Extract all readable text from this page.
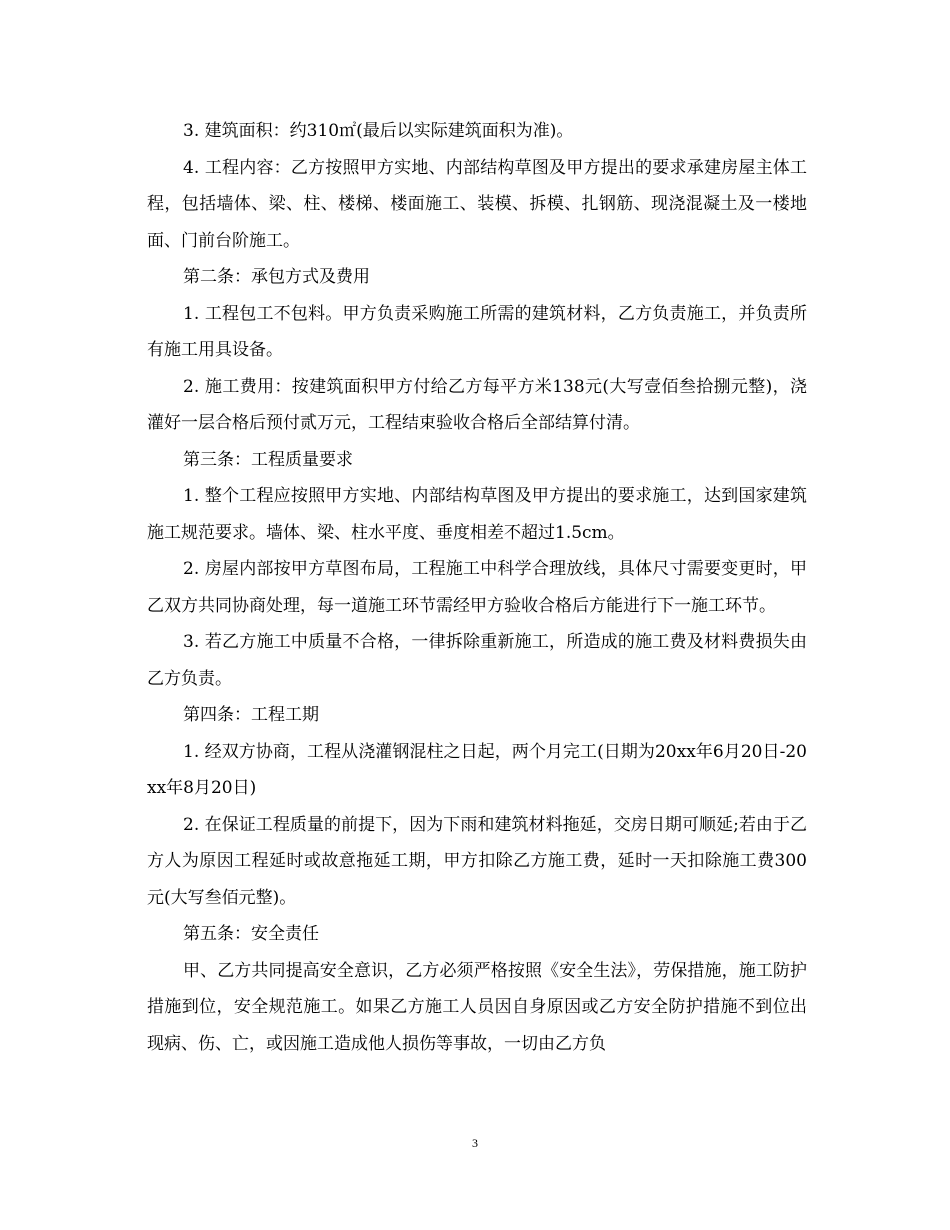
3. 建筑面积：约310㎡(最后以实际建筑面积为准)。

4. 工程内容：乙方按照甲方实地、内部结构草图及甲方提出的要求承建房屋主体工程，包括墙体、梁、柱、楼梯、楼面施工、装模、拆模、扎钢筋、现浇混凝土及一楼地面、门前台阶施工。

第二条：承包方式及费用

1. 工程包工不包料。甲方负责采购施工所需的建筑材料，乙方负责施工，并负责所有施工用具设备。

2. 施工费用：按建筑面积甲方付给乙方每平方米138元(大写壹佰叁拾捌元整)，浇灌好一层合格后预付贰万元，工程结束验收合格后全部结算付清。

第三条：工程质量要求

1. 整个工程应按照甲方实地、内部结构草图及甲方提出的要求施工，达到国家建筑施工规范要求。墙体、梁、柱水平度、垂度相差不超过1.5cm。

2. 房屋内部按甲方草图布局，工程施工中科学合理放线，具体尺寸需要变更时，甲乙双方共同协商处理，每一道施工环节需经甲方验收合格后方能进行下一施工环节。

3. 若乙方施工中质量不合格，一律拆除重新施工，所造成的施工费及材料费损失由乙方负责。

第四条：工程工期

1. 经双方协商，工程从浇灌钢混柱之日起，两个月完工(日期为20xx年6月20日-20xx年8月20日)

2. 在保证工程质量的前提下，因为下雨和建筑材料拖延，交房日期可顺延;若由于乙方人为原因工程延时或故意拖延工期，甲方扣除乙方施工费，延时一天扣除施工费300元(大写叁佰元整)。

第五条：安全责任

甲、乙方共同提高安全意识，乙方必须严格按照《安全生法》，劳保措施，施工防护措施到位，安全规范施工。如果乙方施工人员因自身原因或乙方安全防护措施不到位出现病、伤、亡，或因施工造成他人损伤等事故，一切由乙方负

3
